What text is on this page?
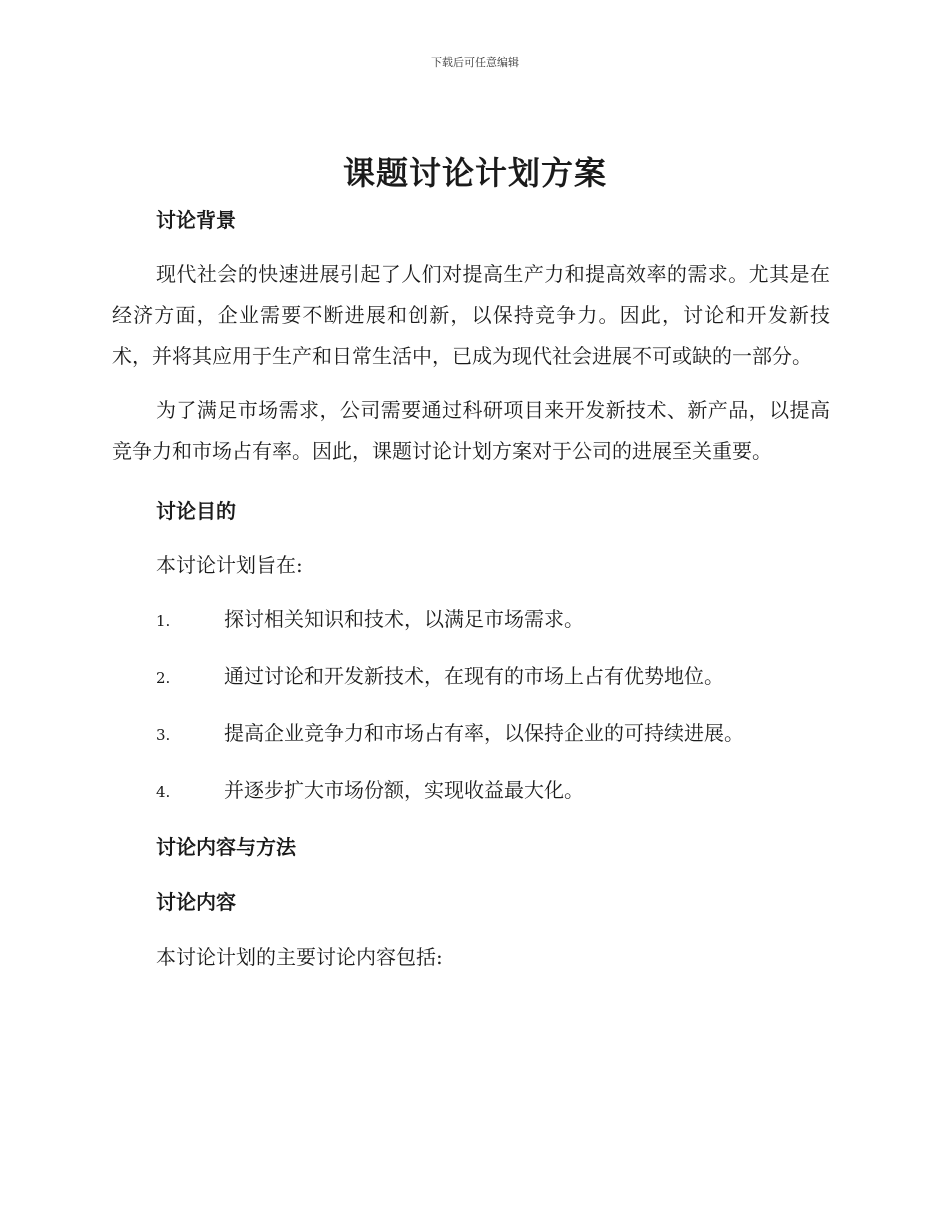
下载后可任意编辑
课题讨论计划方案
讨论背景

现代社会的快速进展引起了人们对提高生产力和提高效率的需求。尤其是在经济方面，企业需要不断进展和创新，以保持竞争力。因此，讨论和开发新技术，并将其应用于生产和日常生活中，已成为现代社会进展不可或缺的一部分。

为了满足市场需求，公司需要通过科研项目来开发新技术、新产品，以提高竞争力和市场占有率。因此，课题讨论计划方案对于公司的进展至关重要。

讨论目的

本讨论计划旨在:

1.	探讨相关知识和技术，以满足市场需求。
2.	通过讨论和开发新技术，在现有的市场上占有优势地位。
3.	提高企业竞争力和市场占有率，以保持企业的可持续进展。
4.	并逐步扩大市场份额，实现收益最大化。
讨论内容与方法
讨论内容

本讨论计划的主要讨论内容包括:
